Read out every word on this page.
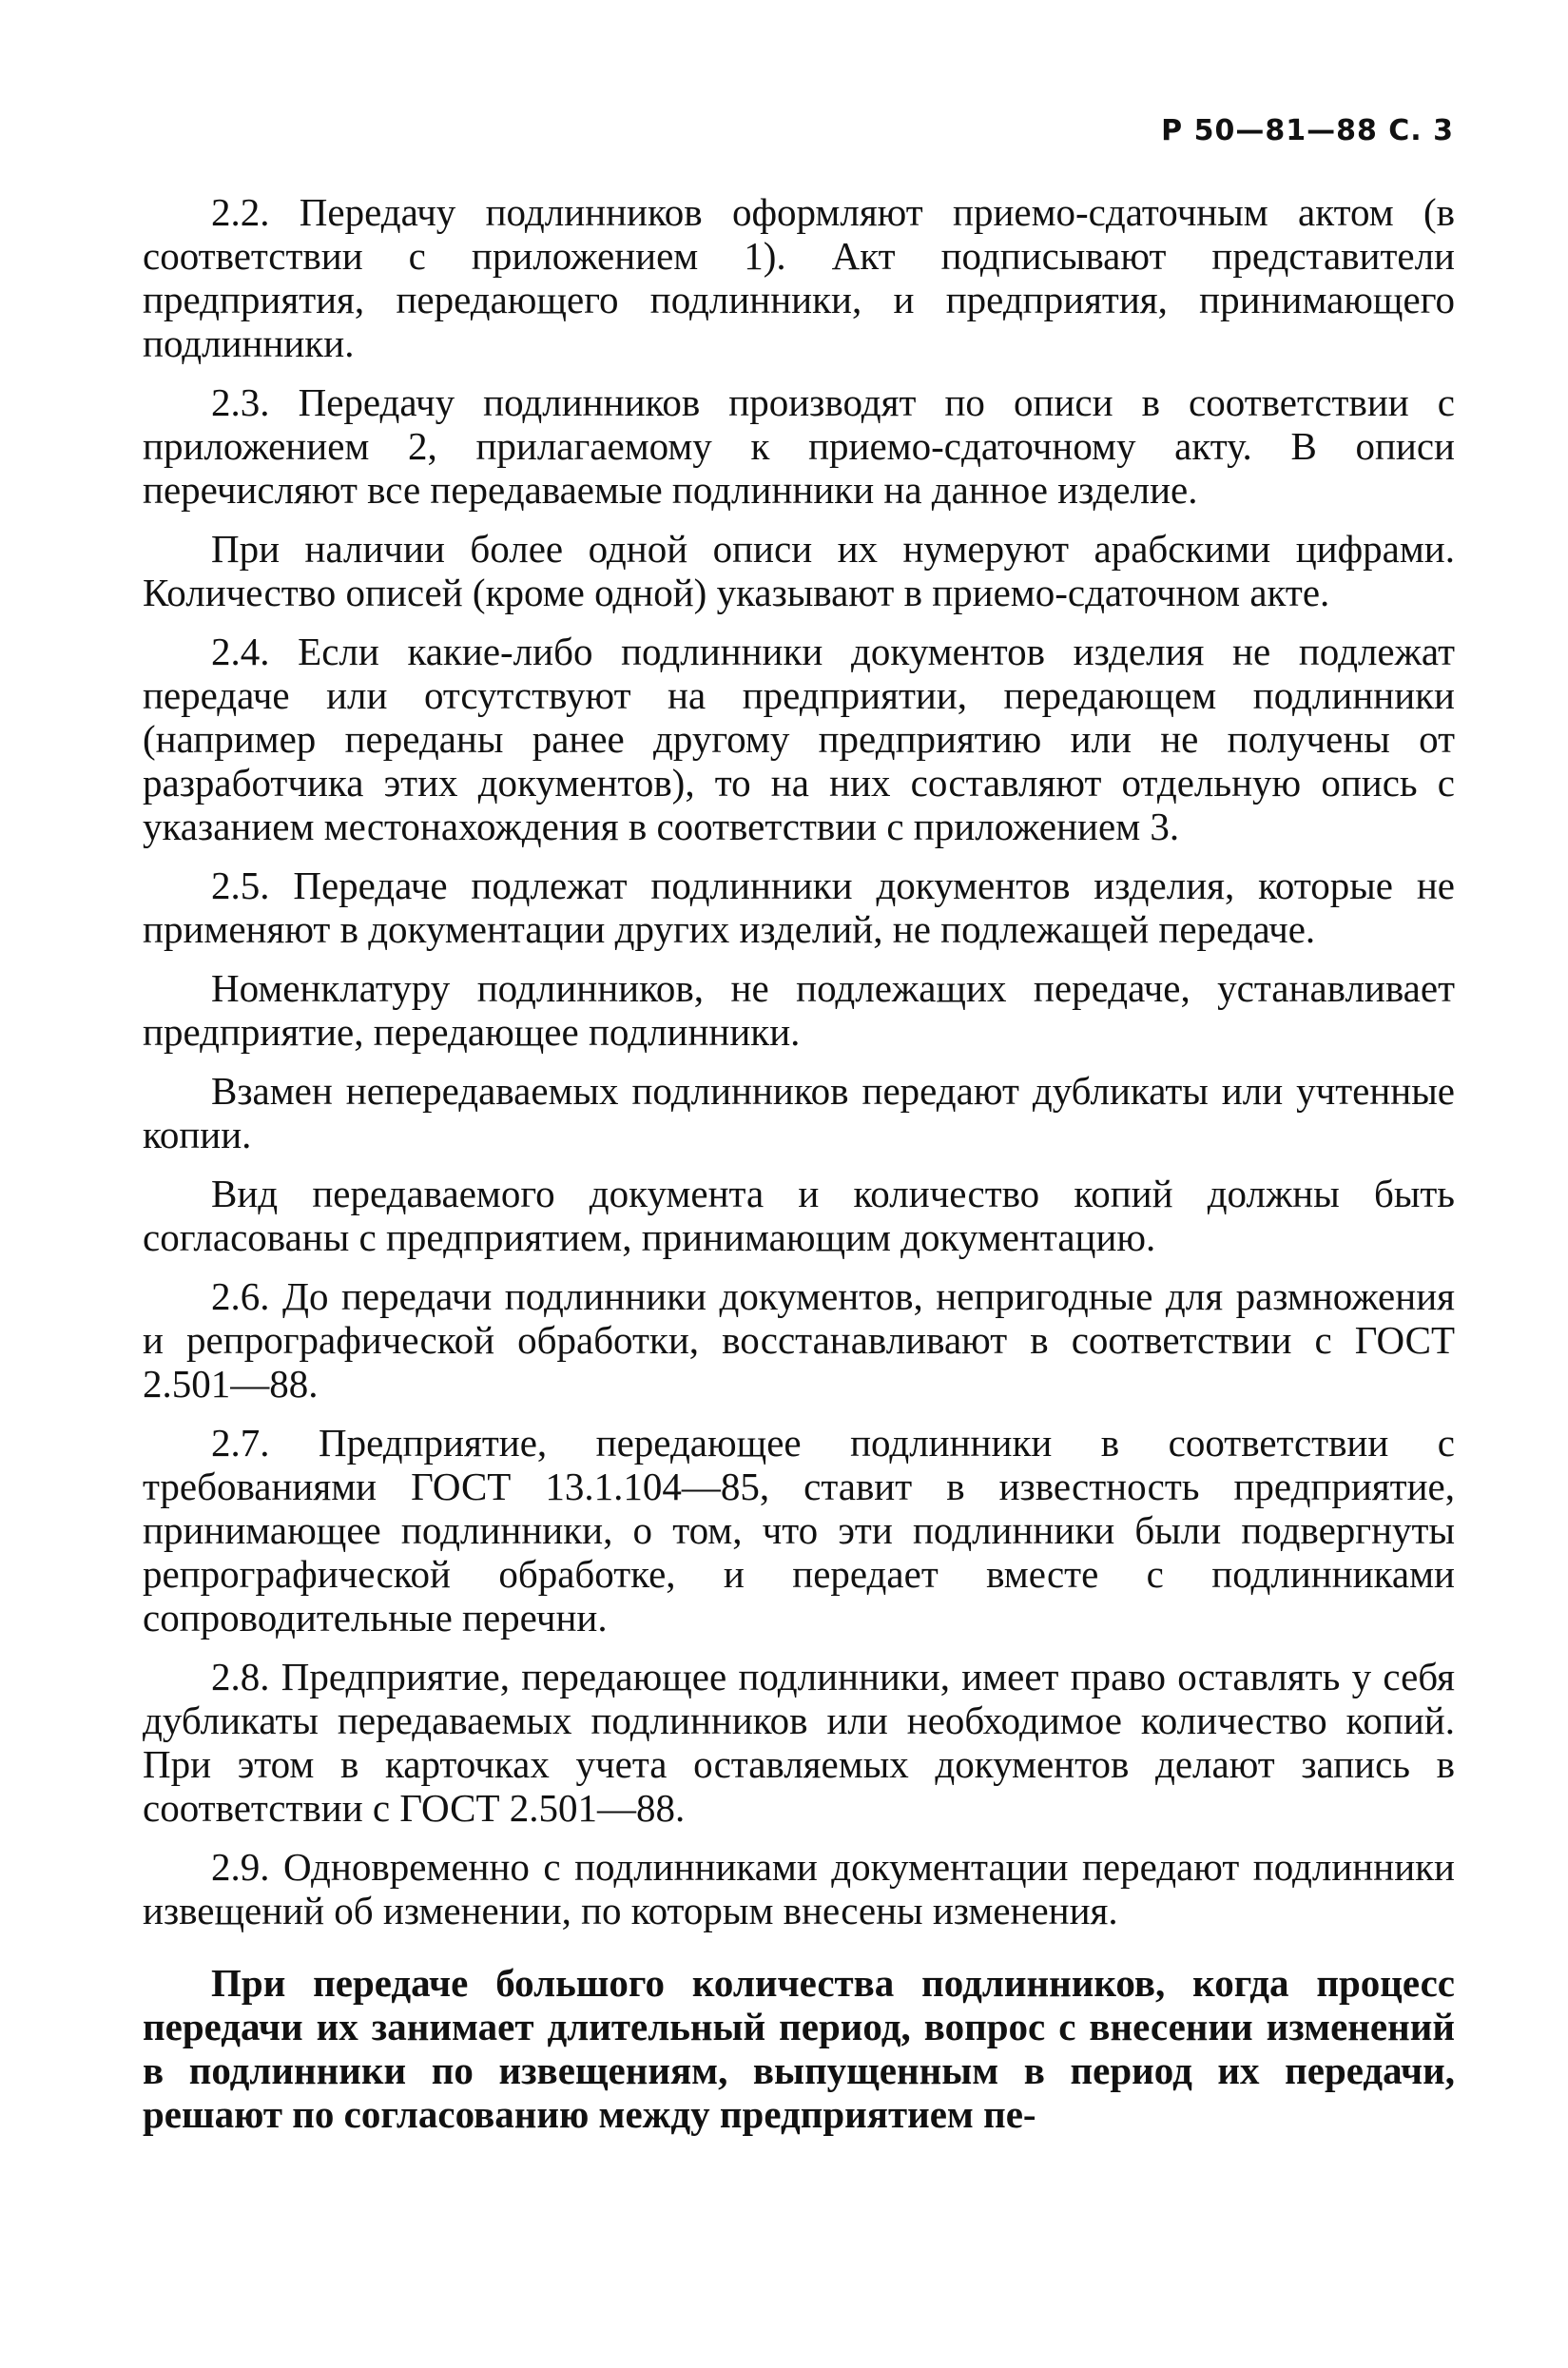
Р 50—81—88 С. 3

2.2. Передачу подлинников оформляют приемо-сдаточным актом (в соответствии с приложением 1). Акт подписывают представители предприятия, передающего подлинники, и предприятия, принимающего подлинники.

2.3. Передачу подлинников производят по описи в соответствии с приложением 2, прилагаемому к приемо-сдаточному акту. В описи перечисляют все передаваемые подлинники на данное изделие.

При наличии более одной описи их нумеруют арабскими цифрами. Количество описей (кроме одной) указывают в приемо-сдаточном акте.

2.4. Если какие-либо подлинники документов изделия не подлежат передаче или отсутствуют на предприятии, передающем подлинники (например переданы ранее другому предприятию или не получены от разработчика этих документов), то на них составляют отдельную опись с указанием местонахождения в соответствии с приложением 3.

2.5. Передаче подлежат подлинники документов изделия, которые не применяют в документации других изделий, не подлежащей передаче.

Номенклатуру подлинников, не подлежащих передаче, устанавливает предприятие, передающее подлинники.

Взамен непередаваемых подлинников передают дубликаты или учтенные копии.

Вид передаваемого документа и количество копий должны быть согласованы с предприятием, принимающим документацию.

2.6. До передачи подлинники документов, непригодные для размножения и репрографической обработки, восстанавливают в соответствии с ГОСТ 2.501—88.

2.7. Предприятие, передающее подлинники в соответствии с требованиями ГОСТ 13.1.104—85, ставит в известность предприятие, принимающее подлинники, о том, что эти подлинники были подвергнуты репрографической обработке, и передает вместе с подлинниками сопроводительные перечни.

2.8. Предприятие, передающее подлинники, имеет право оставлять у себя дубликаты передаваемых подлинников или необходимое количество копий. При этом в карточках учета оставляемых документов делают запись в соответствии с ГОСТ 2.501—88.

2.9. Одновременно с подлинниками документации передают подлинники извещений об изменении, по которым внесены изменения.

При передаче большого количества подлинников, когда процесс передачи их занимает длительный период, вопрос с внесении изменений в подлинники по извещениям, выпущенным в период их передачи, решают по согласованию между предприятием пе-
